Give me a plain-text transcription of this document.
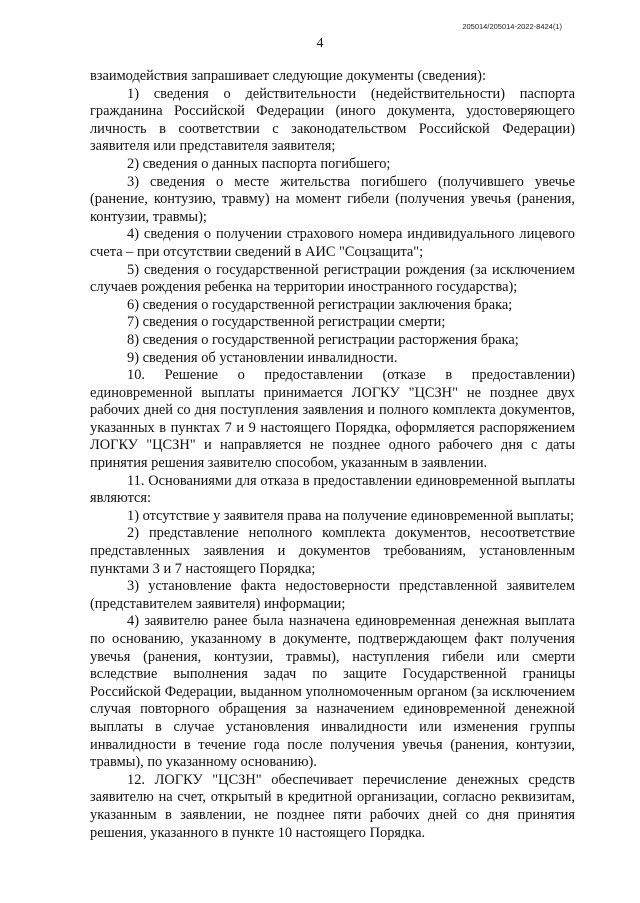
205014/205014-2022-8424(1)
4

взаимодействия запрашивает следующие документы (сведения):

1) сведения о действительности (недействительности) паспорта гражданина Российской Федерации (иного документа, удостоверяющего личность в соответствии с законодательством Российской Федерации) заявителя или представителя заявителя;

2) сведения о данных паспорта погибшего;

3) сведения о месте жительства погибшего (получившего увечье (ранение, контузию, травму) на момент гибели (получения увечья (ранения, контузии, травмы);

4) сведения о получении страхового номера индивидуального лицевого счета – при отсутствии сведений в АИС "Соцзащита";

5) сведения о государственной регистрации рождения (за исключением случаев рождения ребенка на территории иностранного государства);

6) сведения о государственной регистрации заключения брака;

7) сведения о государственной регистрации смерти;

8) сведения о государственной регистрации расторжения брака;

9) сведения об установлении инвалидности.

10. Решение о предоставлении (отказе в предоставлении) единовременной выплаты принимается ЛОГКУ "ЦСЗН" не позднее двух рабочих дней со дня поступления заявления и полного комплекта документов, указанных в пунктах 7 и 9 настоящего Порядка, оформляется распоряжением ЛОГКУ "ЦСЗН" и направляется не позднее одного рабочего дня с даты принятия решения заявителю способом, указанным в заявлении.

11. Основаниями для отказа в предоставлении единовременной выплаты являются:

1) отсутствие у заявителя права на получение единовременной выплаты;

2) представление неполного комплекта документов, несоответствие представленных заявления и документов требованиям, установленным пунктами 3 и 7 настоящего Порядка;

3) установление факта недостоверности представленной заявителем (представителем заявителя) информации;

4) заявителю ранее была назначена единовременная денежная выплата по основанию, указанному в документе, подтверждающем факт получения увечья (ранения, контузии, травмы), наступления гибели или смерти вследствие выполнения задач по защите Государственной границы Российской Федерации, выданном уполномоченным органом (за исключением случая повторного обращения за назначением единовременной денежной выплаты в случае установления инвалидности или изменения группы инвалидности в течение года после получения увечья (ранения, контузии, травмы), по указанному основанию).

12. ЛОГКУ "ЦСЗН" обеспечивает перечисление денежных средств заявителю на счет, открытый в кредитной организации, согласно реквизитам, указанным в заявлении, не позднее пяти рабочих дней со дня принятия решения, указанного в пункте 10 настоящего Порядка.
